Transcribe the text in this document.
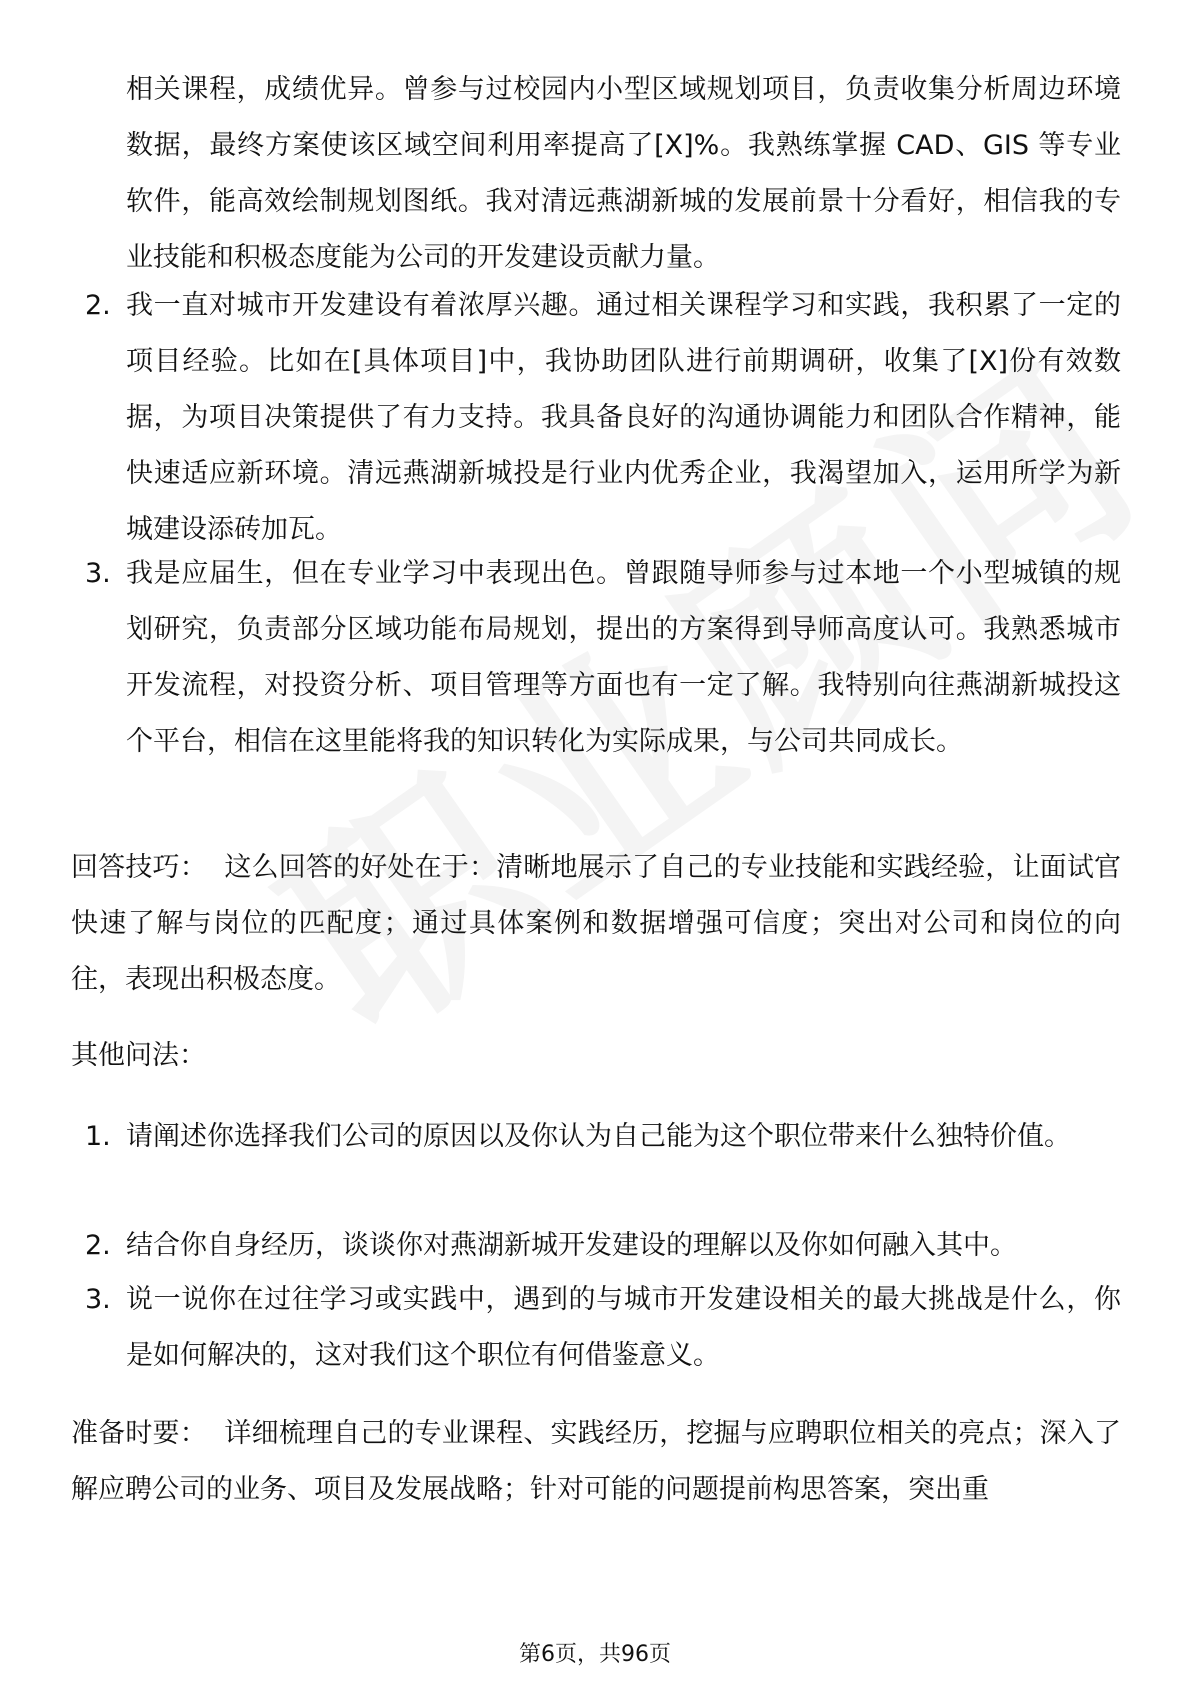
相关课程，成绩优异。曾参与过校园内小型区域规划项目，负责收集分析周边环境数据，最终方案使该区域空间利用率提高了[X]%。我熟练掌握 CAD、GIS 等专业软件，能高效绘制规划图纸。我对清远燕湖新城的发展前景十分看好，相信我的专业技能和积极态度能为公司的开发建设贡献力量。
2. 我一直对城市开发建设有着浓厚兴趣。通过相关课程学习和实践，我积累了一定的项目经验。比如在[具体项目]中，我协助团队进行前期调研，收集了[X]份有效数据，为项目决策提供了有力支持。我具备良好的沟通协调能力和团队合作精神，能快速适应新环境。清远燕湖新城投是行业内优秀企业，我渴望加入，运用所学为新城建设添砖加瓦。
3. 我是应届生，但在专业学习中表现出色。曾跟随导师参与过本地一个小型城镇的规划研究，负责部分区域功能布局规划，提出的方案得到导师高度认可。我熟悉城市开发流程，对投资分析、项目管理等方面也有一定了解。我特别向往燕湖新城投这个平台，相信在这里能将我的知识转化为实际成果，与公司共同成长。

回答技巧： 这么回答的好处在于：清晰地展示了自己的专业技能和实践经验，让面试官快速了解与岗位的匹配度；通过具体案例和数据增强可信度；突出对公司和岗位的向往，表现出积极态度。

其他问法：
1. 请阐述你选择我们公司的原因以及你认为自己能为这个职位带来什么独特价值。
2. 结合你自身经历，谈谈你对燕湖新城开发建设的理解以及你如何融入其中。
3. 说一说你在过往学习或实践中，遇到的与城市开发建设相关的最大挑战是什么，你是如何解决的，这对我们这个职位有何借鉴意义。

准备时要： 详细梳理自己的专业课程、实践经历，挖掘与应聘职位相关的亮点；深入了解应聘公司的业务、项目及发展战略；针对可能的问题提前构思答案，突出重

第6页，共96页
